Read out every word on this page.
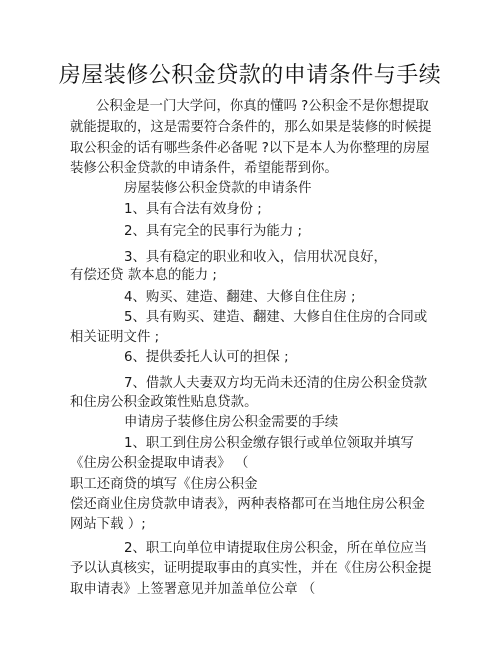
房屋装修公积金贷款的申请条件与手续
公积金是一门大学问，你真的懂吗 ?公积金不是你想提取
就能提取的，这是需要符合条件的，那么如果是装修的时候提
取公积金的话有哪些条件必备呢 ?以下是本人为你整理的房屋
装修公积金贷款的申请条件，希望能帮到你。
房屋装修公积金贷款的申请条件
1、具有合法有效身份 ;
2、具有完全的民事行为能力 ;
3、具有稳定的职业和收入，信用状况良好，
有偿还贷 款本息的能力 ;
4、购买、建造、翻建、大修自住住房 ;
5、具有购买、建造、翻建、大修自住住房的合同或
相关证明文件 ;
6、提供委托人认可的担保 ;
7、借款人夫妻双方均无尚未还清的住房公积金贷款
和住房公积金政策性贴息贷款。
申请房子装修住房公积金需要的手续
1、职工到住房公积金缴存银行或单位领取并填写
《住房公积金提取申请表》 （
职工还商贷的填写《住房公积金
偿还商业住房贷款申请表》，两种表格都可在当地住房公积金
网站下载 ）;
2、职工向单位申请提取住房公积金，所在单位应当
予以认真核实，证明提取事由的真实性，并在《住房公积金提
取申请表》上签署意见并加盖单位公章 （
